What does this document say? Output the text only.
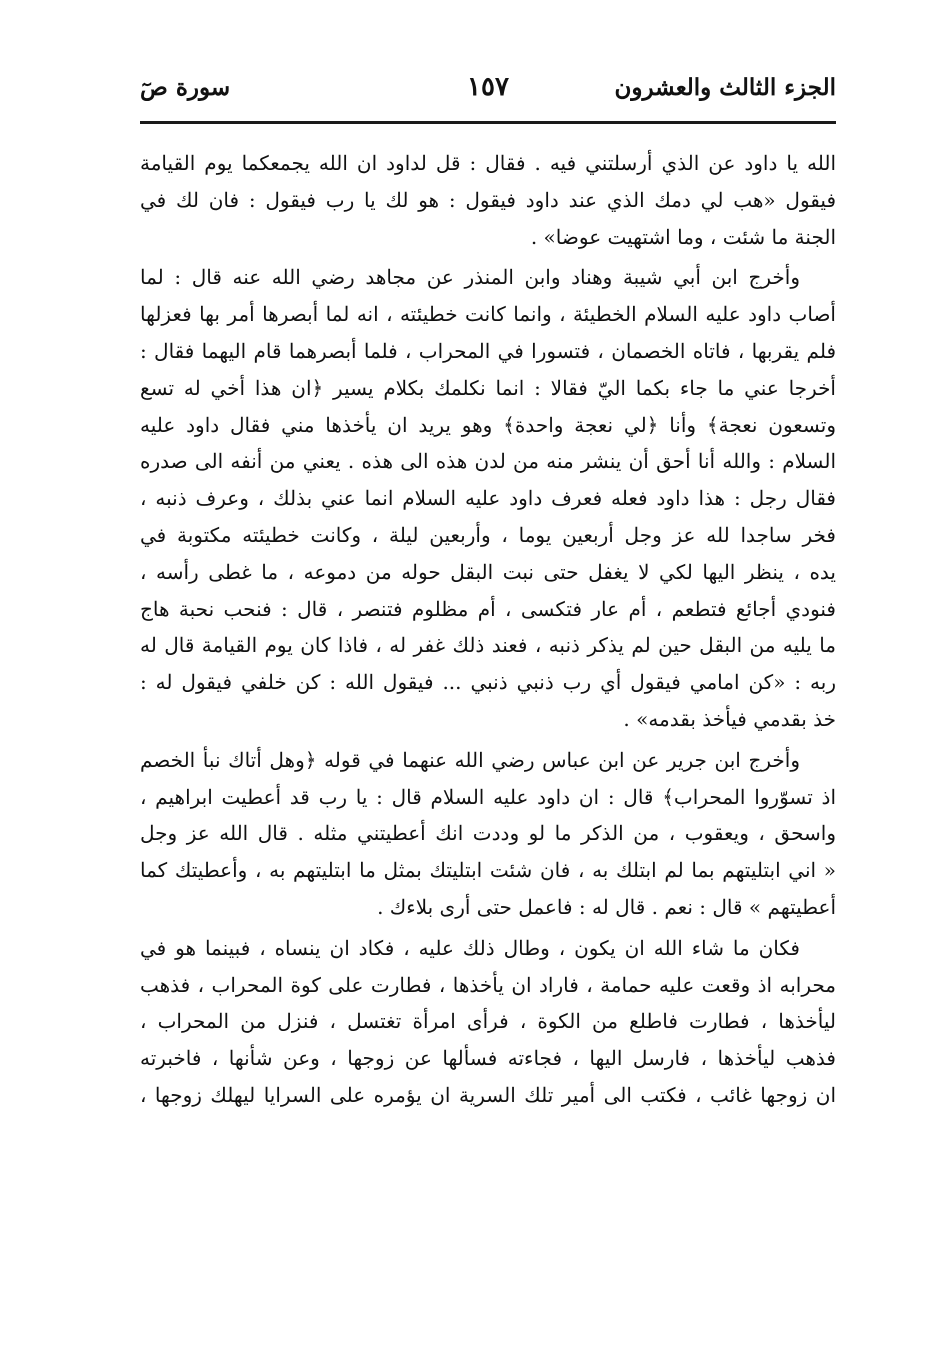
الجزء الثالث والعشرون
١٥٧
سورة صٓ
الله يا داود عن الذي أرسلتني فيه . فقال : قل لداود ان الله يجمعكما يوم القيامة
فيقول «هب لي دمك الذي عند داود فيقول : هو لك يا رب فيقول : فان لك في
الجنة ما شئت ، وما اشتهيت عوضا» .
وأخرج ابن أبي شيبة وهناد وابن المنذر عن مجاهد رضي الله عنه قال : لما
أصاب داود عليه السلام الخطيئة ، وانما كانت خطيئته ، انه لما أبصرها أمر بها فعزلها
فلم يقربها ، فاتاه الخصمان ، فتسورا في المحراب ، فلما أبصرهما قام اليهما فقال :
أخرجا عني ما جاء بكما اليّ فقالا : انما نكلمك بكلام يسير ﴿ان هذا أخي له تسع
وتسعون نعجة﴾ وأنا ﴿لي نعجة واحدة﴾ وهو يريد ان يأخذها مني فقال داود عليه
السلام : والله أنا أحق أن ينشر منه من لدن هذه الى هذه . يعني من أنفه الى صدره
فقال رجل : هذا داود فعله فعرف داود عليه السلام انما عني بذلك ، وعرف ذنبه ،
فخر ساجدا لله عز وجل أربعين يوما ، وأربعين ليلة ، وكانت خطيئته مكتوبة في
يده ، ينظر اليها لكي لا يغفل حتى نبت البقل حوله من دموعه ، ما غطى رأسه ،
فنودي أجائع فتطعم ، أم عار فتكسى ، أم مظلوم فتنصر ، قال : فنحب نحبة هاج
ما يليه من البقل حين لم يذكر ذنبه ، فعند ذلك غفر له ، فاذا كان يوم القيامة قال له
ربه : «كن امامي فيقول أي رب ذنبي ذنبي ... فيقول الله : كن خلفي فيقول له :
خذ بقدمي فيأخذ بقدمه» .
وأخرج ابن جرير عن ابن عباس رضي الله عنهما في قوله ﴿وهل أتاك نبأ الخصم
اذ تسوّروا المحراب﴾ قال : ان داود عليه السلام قال : يا رب قد أعطيت ابراهيم ،
واسحق ، ويعقوب ، من الذكر ما لو وددت انك أعطيتني مثله . قال الله عز وجل
« اني ابتليتهم بما لم ابتلك به ، فان شئت ابتليتك بمثل ما ابتليتهم به ، وأعطيتك كما
أعطيتهم » قال : نعم . قال له : فاعمل حتى أرى بلاءك .
فكان ما شاء الله ان يكون ، وطال ذلك عليه ، فكاد ان ينساه ، فبينما هو في
محرابه اذ وقعت عليه حمامة ، فاراد ان يأخذها ، فطارت على كوة المحراب ، فذهب
ليأخذها ، فطارت فاطلع من الكوة ، فرأى امرأة تغتسل ، فنزل من المحراب ،
فذهب ليأخذها ، فارسل اليها ، فجاءته فسألها عن زوجها ، وعن شأنها ، فاخبرته
ان زوجها غائب ، فكتب الى أمير تلك السرية ان يؤمره على السرايا ليهلك زوجها ،
